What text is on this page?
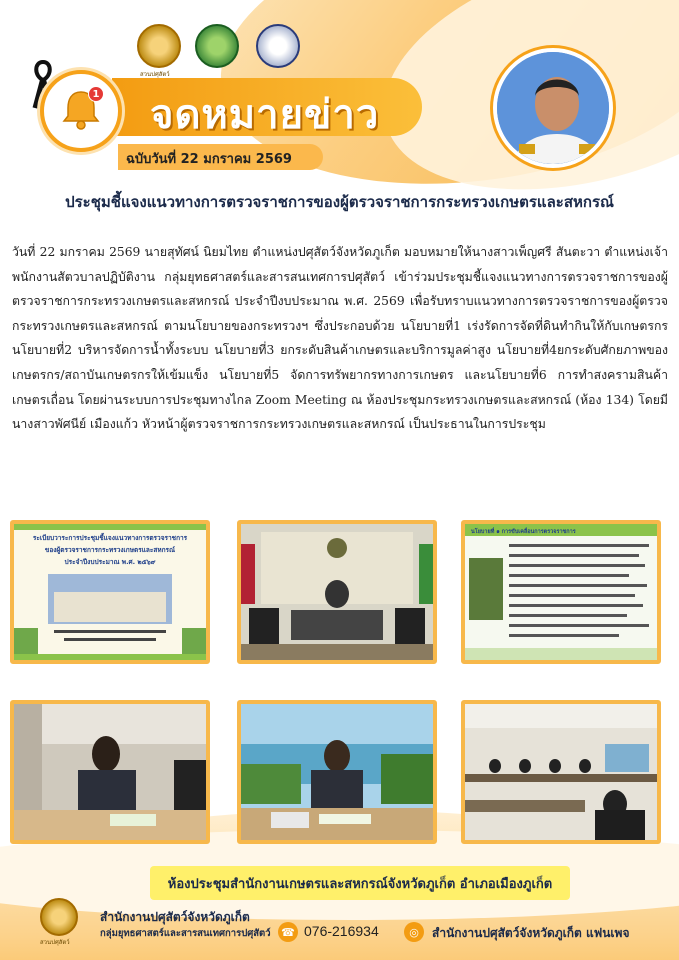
สวนปศุสัตว์
1 จดหมายข่าว
ฉบับวันที่ 22 มกราคม 2569
ประชุมชี้แจงแนวทางการตรวจราชการของผู้ตรวจราชการกระทรวงเกษตรและสหกรณ์
วันที่ 22 มกราคม 2569 นายสุทัศน์ นิยมไทย ตำแหน่งปศุสัตว์จังหวัดภูเก็ต มอบหมายให้นางสาวเพ็ญศรี สันตะวา ตำแหน่งเจ้าพนักงานสัตวบาลปฏิบัติงาน กลุ่มยุทธศาสตร์และสารสนเทศการปศุสัตว์ เข้าร่วมประชุมชี้แจงแนวทางการตรวจราชการของผู้ตรวจราชการกระทรวงเกษตรและสหกรณ์ ประจำปีงบประมาณ พ.ศ. 2569 เพื่อรับทราบแนวทางการตรวจราชการของผู้ตรวจกระทรวงเกษตรและสหกรณ์ ตามนโยบายของกระทรวงฯ ซึ่งประกอบด้วย นโยบายที่1 เร่งรัดการจัดที่ดินทำกินให้กับเกษตรกร นโยบายที่2 บริหารจัดการน้ำทั้งระบบ นโยบายที่3 ยกระดับสินค้าเกษตรและบริการมูลค่าสูง นโยบายที่4ยกระดับศักยภาพของเกษตรกร/สถาบันเกษตรกรให้เข้มแข็ง นโยบายที่5 จัดการทรัพยากรทางการเกษตร และนโยบายที่6 การทำสงครามสินค้าเกษตรเถื่อน โดยผ่านระบบการประชุมทางไกล Zoom Meeting ณ ห้องประชุมกระทรวงเกษตรและสหกรณ์ (ห้อง 134) โดยมี นางสาวพัศนีย์ เมืองแก้ว หัวหน้าผู้ตรวจราชการกระทรวงเกษตรและสหกรณ์ เป็นประธานในการประชุม
ระเบียบวาระการประชุมชี้แจงแนวทางการตรวจราชการ
ของผู้ตรวจราชการกระทรวงเกษตรและสหกรณ์
ประจำปีงบประมาณ พ.ศ. ๒๕๖๙
นโยบายที่ ๑ การขับเคลื่อนการตรวจราชการ
ห้องประชุมสำนักงานเกษตรและสหกรณ์จังหวัดภูเก็ต อำเภอเมืองภูเก็ต
สวนปศุสัตว์
สำนักงานปศุสัตว์จังหวัดภูเก็ต
กลุ่มยุทธศาสตร์และสารสนเทศการปศุสัตว์ ☎ 076-216934	◎	สำนักงานปศุสัตว์จังหวัดภูเก็ต แฟนเพจ
